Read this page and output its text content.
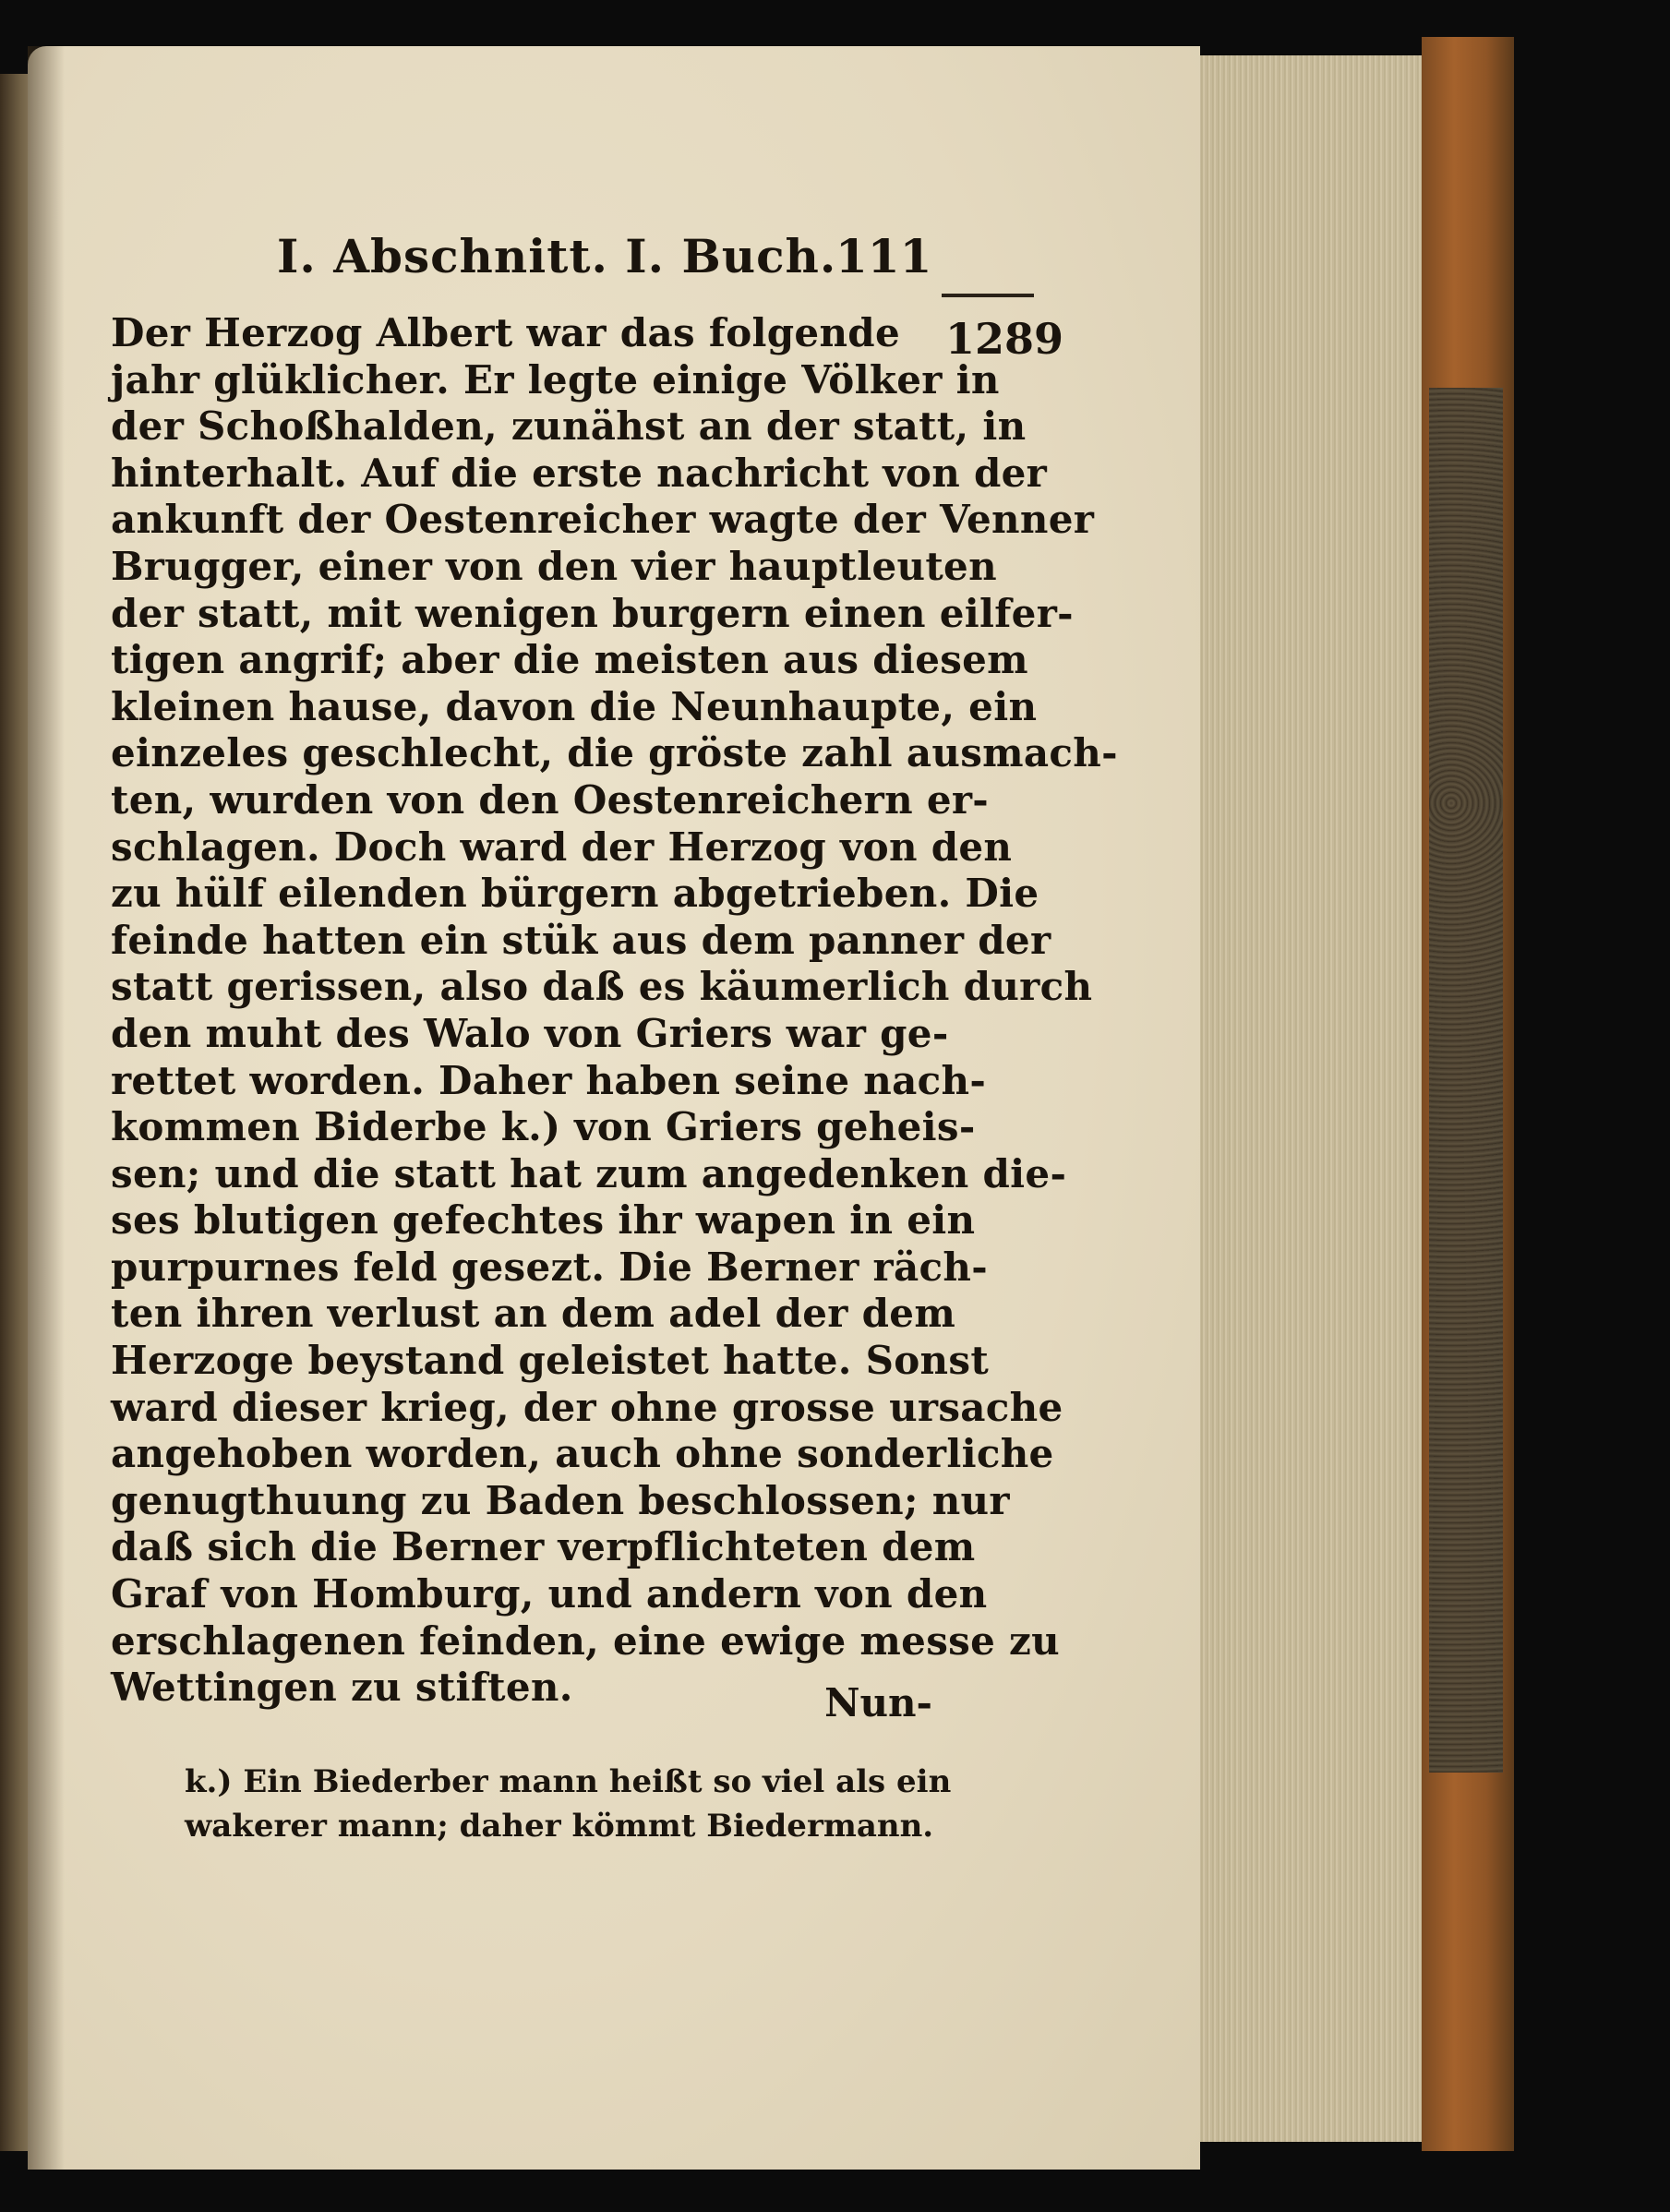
I. Abschnitt. I. Buch.
111
1289
Der Herzog Albert war das folgende
jahr glüklicher. Er legte einige Völker in
der Schoßhalden, zunähst an der statt, in
hinterhalt. Auf die erste nachricht von der
ankunft der Oestenreicher wagte der Venner
Brugger, einer von den vier hauptleuten
der statt, mit wenigen burgern einen eilfer-
tigen angrif; aber die meisten aus diesem
kleinen hause, davon die Neunhaupte, ein
einzeles geschlecht, die gröste zahl ausmach-
ten, wurden von den Oestenreichern er-
schlagen. Doch ward der Herzog von den
zu hülf eilenden bürgern abgetrieben. Die
feinde hatten ein stük aus dem panner der
statt gerissen, also daß es käumerlich durch
den muht des Walo von Griers war ge-
rettet worden. Daher haben seine nach-
kommen Biderbe k.) von Griers geheis-
sen; und die statt hat zum angedenken die-
ses blutigen gefechtes ihr wapen in ein
purpurnes feld gesezt. Die Berner räch-
ten ihren verlust an dem adel der dem
Herzoge beystand geleistet hatte. Sonst
ward dieser krieg, der ohne grosse ursache
angehoben worden, auch ohne sonderliche
genugthuung zu Baden beschlossen; nur
daß sich die Berner verpflichteten dem
Graf von Homburg, und andern von den
erschlagenen feinden, eine ewige messe zu
Wettingen zu stiften.	Nun-
k.) Ein Biederber mann heißt so viel als ein
wakerer mann; daher kömmt Biedermann.
